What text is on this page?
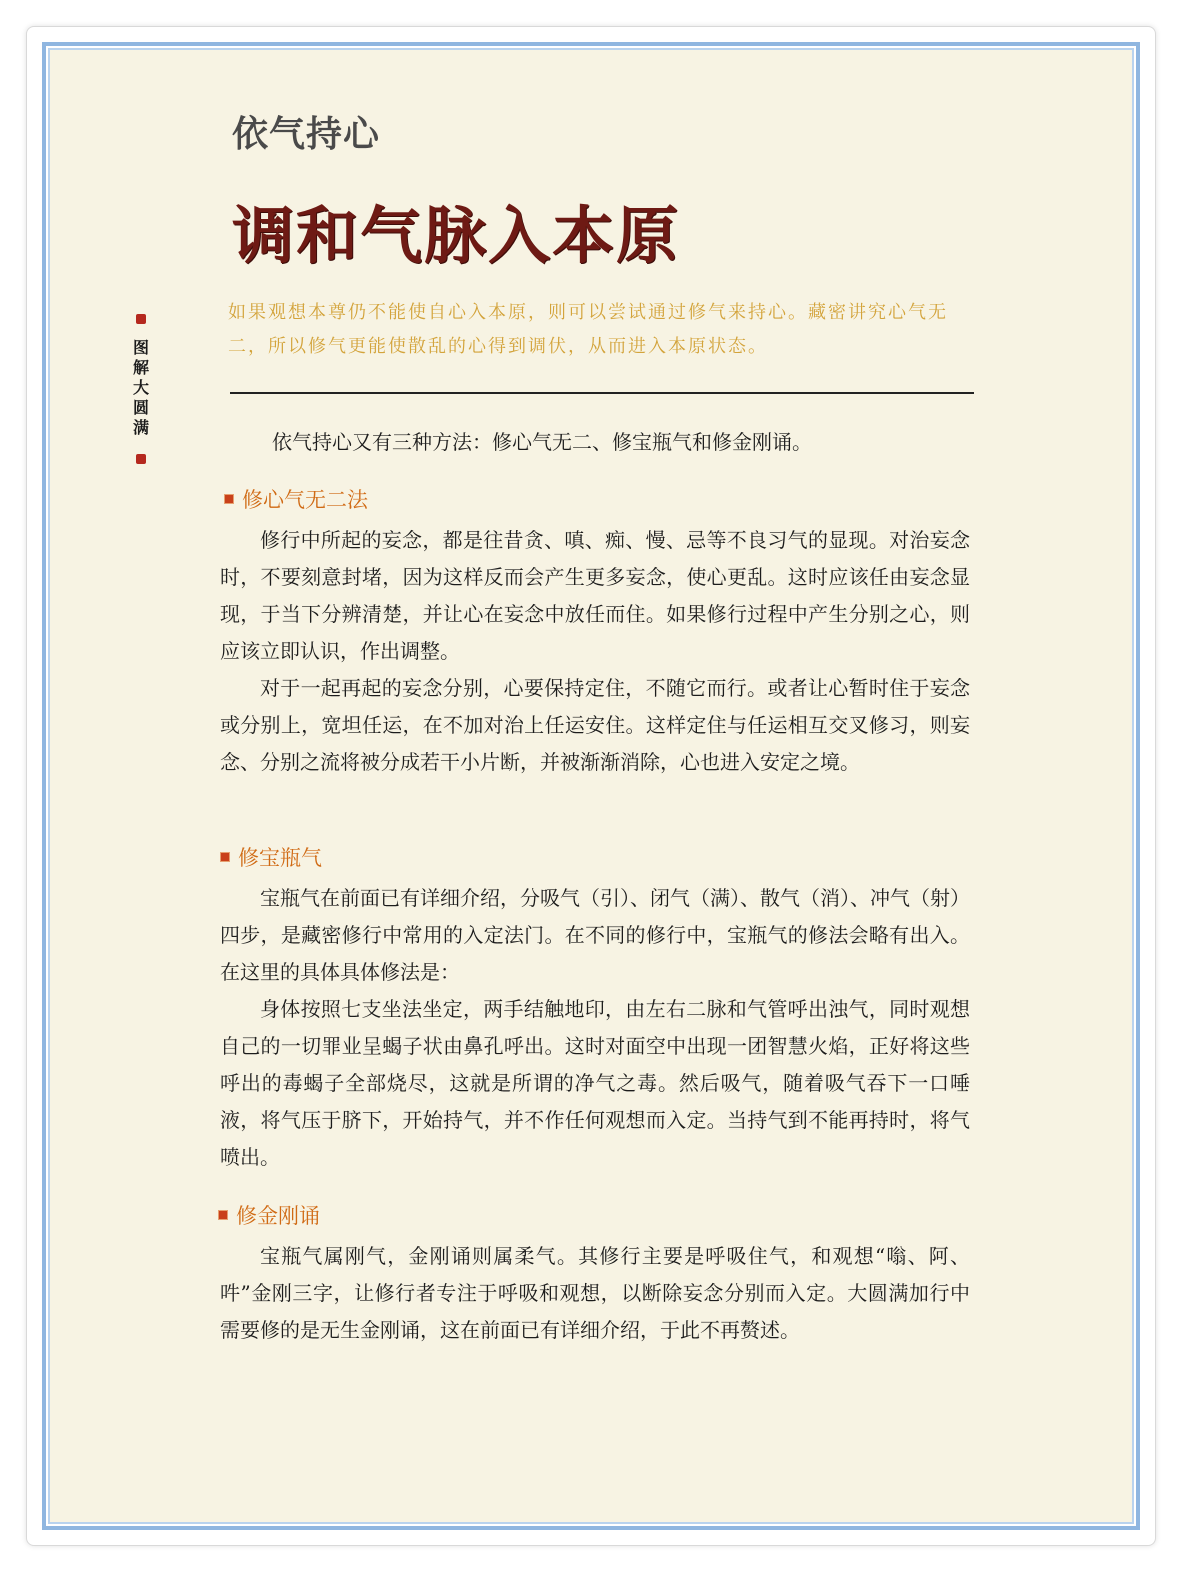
图解大圆满
依气持心
调和气脉入本原
如果观想本尊仍不能使自心入本原，则可以尝试通过修气来持心。藏密讲究心气无二，所以修气更能使散乱的心得到调伏，从而进入本原状态。
依气持心又有三种方法：修心气无二、修宝瓶气和修金刚诵。
修心气无二法

修行中所起的妄念，都是往昔贪、嗔、痴、慢、忌等不良习气的显现。对治妄念时，不要刻意封堵，因为这样反而会产生更多妄念，使心更乱。这时应该任由妄念显现，于当下分辨清楚，并让心在妄念中放任而住。如果修行过程中产生分别之心，则应该立即认识，作出调整。

对于一起再起的妄念分别，心要保持定住，不随它而行。或者让心暂时住于妄念或分别上，宽坦任运，在不加对治上任运安住。这样定住与任运相互交叉修习，则妄念、分别之流将被分成若干小片断，并被渐渐消除，心也进入安定之境。

修宝瓶气

宝瓶气在前面已有详细介绍，分吸气（引）、闭气（满）、散气（消）、冲气（射）四步，是藏密修行中常用的入定法门。在不同的修行中，宝瓶气的修法会略有出入。在这里的具体具体修法是：

身体按照七支坐法坐定，两手结触地印，由左右二脉和气管呼出浊气，同时观想自己的一切罪业呈蝎子状由鼻孔呼出。这时对面空中出现一团智慧火焰，正好将这些呼出的毒蝎子全部烧尽，这就是所谓的净气之毒。然后吸气，随着吸气吞下一口唾液，将气压于脐下，开始持气，并不作任何观想而入定。当持气到不能再持时，将气喷出。

修金刚诵

宝瓶气属刚气，金刚诵则属柔气。其修行主要是呼吸住气，和观想“嗡、阿、吽”金刚三字，让修行者专注于呼吸和观想，以断除妄念分别而入定。大圆满加行中需要修的是无生金刚诵，这在前面已有详细介绍，于此不再赘述。
